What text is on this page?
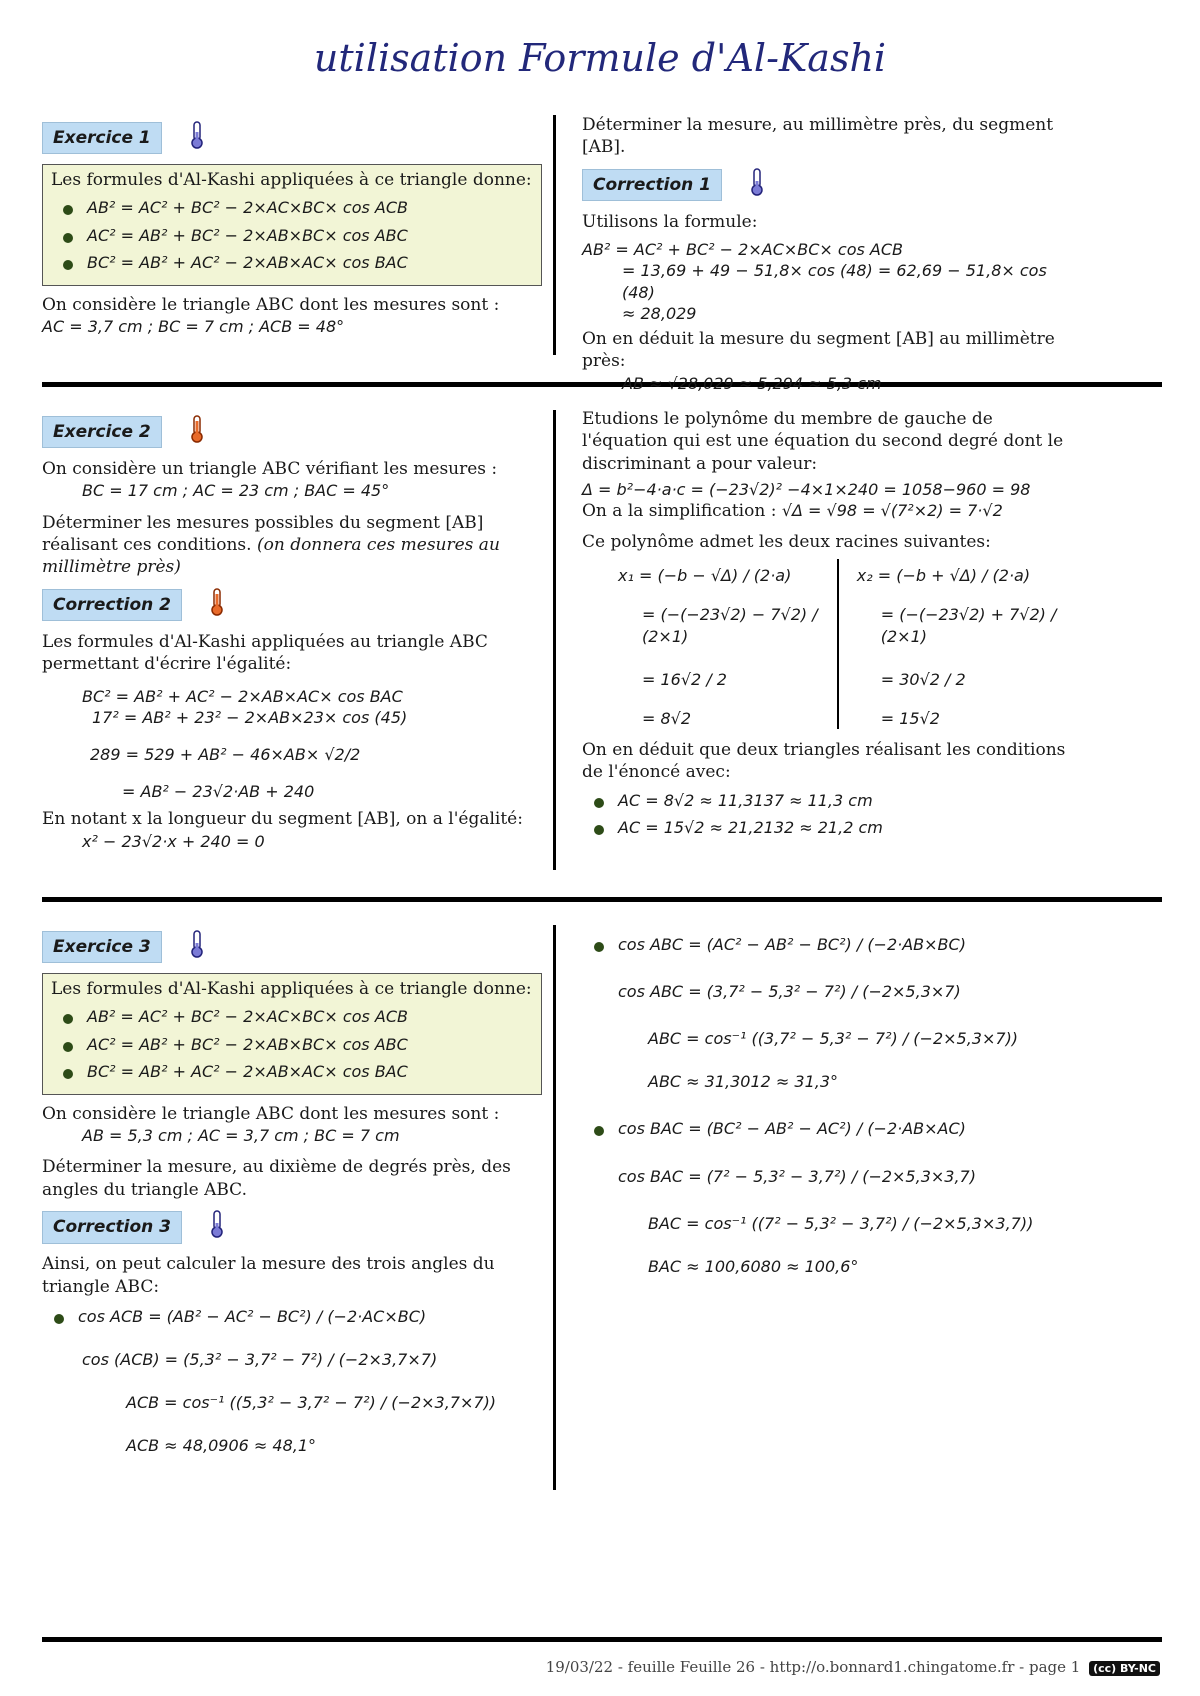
utilisation Formule d'Al-Kashi
Exercice 1
Les formules d'Al-Kashi appliquées à ce triangle donne:
AB² = AC² + BC² − 2×AC×BC× cos ACB
AC² = AB² + BC² − 2×AB×BC× cos ABC
BC² = AB² + AC² − 2×AB×AC× cos BAC
On considère le triangle ABC dont les mesures sont :
AC = 3,7 cm ; BC = 7 cm ; ACB = 48°
Déterminer la mesure, au millimètre près, du segment [AB].
Correction 1
Utilisons la formule:
AB² = AC² + BC² − 2×AC×BC× cos ACB
= 13,69 + 49 − 51,8× cos (48) = 62,69 − 51,8× cos (48)
≈ 28,029
On en déduit la mesure du segment [AB] au millimètre près:
AB ≈ √28,029 ≈ 5,294 ≈ 5,3 cm
Exercice 2
On considère un triangle ABC vérifiant les mesures :
BC = 17 cm ; AC = 23 cm ; BAC = 45°

Déterminer les mesures possibles du segment [AB] réalisant ces conditions. (on donnera ces mesures au millimètre près)

Correction 2
Les formules d'Al-Kashi appliquées au triangle ABC permettant d'écrire l'égalité:
BC² = AB² + AC² − 2×AB×AC× cos BAC
17² = AB² + 23² − 2×AB×23× cos (45)
289 = 529 + AB² − 46×AB× √2/2
= AB² − 23√2·AB + 240
En notant x la longueur du segment [AB], on a l'égalité:
x² − 23√2·x + 240 = 0
Etudions le polynôme du membre de gauche de l'équation qui est une équation du second degré dont le discriminant a pour valeur:
Δ = b²−4·a·c = (−23√2)² −4×1×240 = 1058−960 = 98
On a la simplification : √Δ = √98 = √(7²×2) = 7·√2
Ce polynôme admet les deux racines suivantes:
x₁ = (−b − √Δ) / (2·a)
= (−(−23√2) − 7√2) / (2×1)
= 16√2 / 2
= 8√2
x₂ = (−b + √Δ) / (2·a)
= (−(−23√2) + 7√2) / (2×1)
= 30√2 / 2
= 15√2
On en déduit que deux triangles réalisant les conditions de l'énoncé avec:
AC = 8√2 ≈ 11,3137 ≈ 11,3 cm
AC = 15√2 ≈ 21,2132 ≈ 21,2 cm
Exercice 3
Les formules d'Al-Kashi appliquées à ce triangle donne:
AB² = AC² + BC² − 2×AC×BC× cos ACB
AC² = AB² + BC² − 2×AB×BC× cos ABC
BC² = AB² + AC² − 2×AB×AC× cos BAC
On considère le triangle ABC dont les mesures sont :
AB = 5,3 cm ; AC = 3,7 cm ; BC = 7 cm

Déterminer la mesure, au dixième de degrés près, des angles du triangle ABC.

Correction 3
Ainsi, on peut calculer la mesure des trois angles du triangle ABC:
cos ACB = (AB² − AC² − BC²) / (−2·AC×BC)
cos (ACB) = (5,3² − 3,7² − 7²) / (−2×3,7×7)
ACB = cos⁻¹ ((5,3² − 3,7² − 7²) / (−2×3,7×7))
ACB ≈ 48,0906 ≈ 48,1°
cos ABC = (AC² − AB² − BC²) / (−2·AB×BC)
cos ABC = (3,7² − 5,3² − 7²) / (−2×5,3×7)
ABC = cos⁻¹ ((3,7² − 5,3² − 7²) / (−2×5,3×7))
ABC ≈ 31,3012 ≈ 31,3°
cos BAC = (BC² − AB² − AC²) / (−2·AB×AC)
cos BAC = (7² − 5,3² − 3,7²) / (−2×5,3×3,7)
BAC = cos⁻¹ ((7² − 5,3² − 3,7²) / (−2×5,3×3,7))
BAC ≈ 100,6080 ≈ 100,6°
19/03/22 - feuille Feuille 26 - http://o.bonnard1.chingatome.fr - page 1 (cc) BY-NC
